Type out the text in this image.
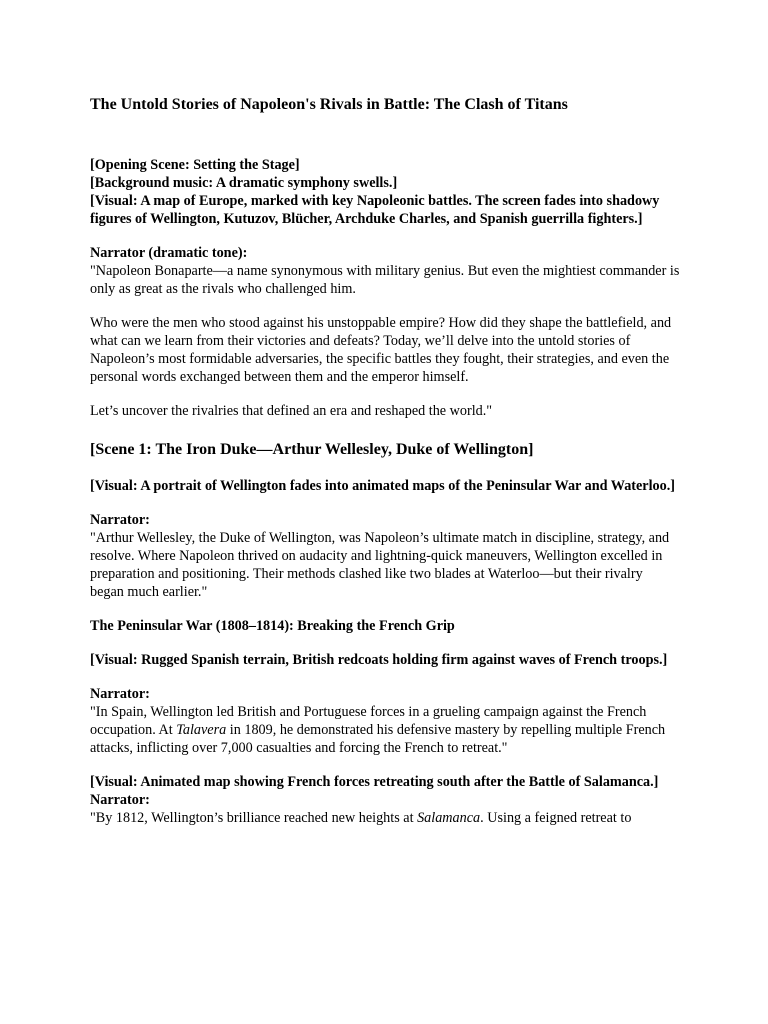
The Untold Stories of Napoleon's Rivals in Battle: The Clash of Titans
[Opening Scene: Setting the Stage]
[Background music: A dramatic symphony swells.]
[Visual: A map of Europe, marked with key Napoleonic battles. The screen fades into shadowy figures of Wellington, Kutuzov, Blücher, Archduke Charles, and Spanish guerrilla fighters.]
Narrator (dramatic tone):
"Napoleon Bonaparte—a name synonymous with military genius. But even the mightiest commander is only as great as the rivals who challenged him.
Who were the men who stood against his unstoppable empire? How did they shape the battlefield, and what can we learn from their victories and defeats? Today, we’ll delve into the untold stories of Napoleon’s most formidable adversaries, the specific battles they fought, their strategies, and even the personal words exchanged between them and the emperor himself.
Let’s uncover the rivalries that defined an era and reshaped the world."
[Scene 1: The Iron Duke—Arthur Wellesley, Duke of Wellington]
[Visual: A portrait of Wellington fades into animated maps of the Peninsular War and Waterloo.]
Narrator:
"Arthur Wellesley, the Duke of Wellington, was Napoleon’s ultimate match in discipline, strategy, and resolve. Where Napoleon thrived on audacity and lightning-quick maneuvers, Wellington excelled in preparation and positioning. Their methods clashed like two blades at Waterloo—but their rivalry began much earlier."
The Peninsular War (1808–1814): Breaking the French Grip
[Visual: Rugged Spanish terrain, British redcoats holding firm against waves of French troops.]
Narrator:
"In Spain, Wellington led British and Portuguese forces in a grueling campaign against the French occupation. At Talavera in 1809, he demonstrated his defensive mastery by repelling multiple French attacks, inflicting over 7,000 casualties and forcing the French to retreat."
[Visual: Animated map showing French forces retreating south after the Battle of Salamanca.]
Narrator:
"By 1812, Wellington’s brilliance reached new heights at Salamanca. Using a feigned retreat to
